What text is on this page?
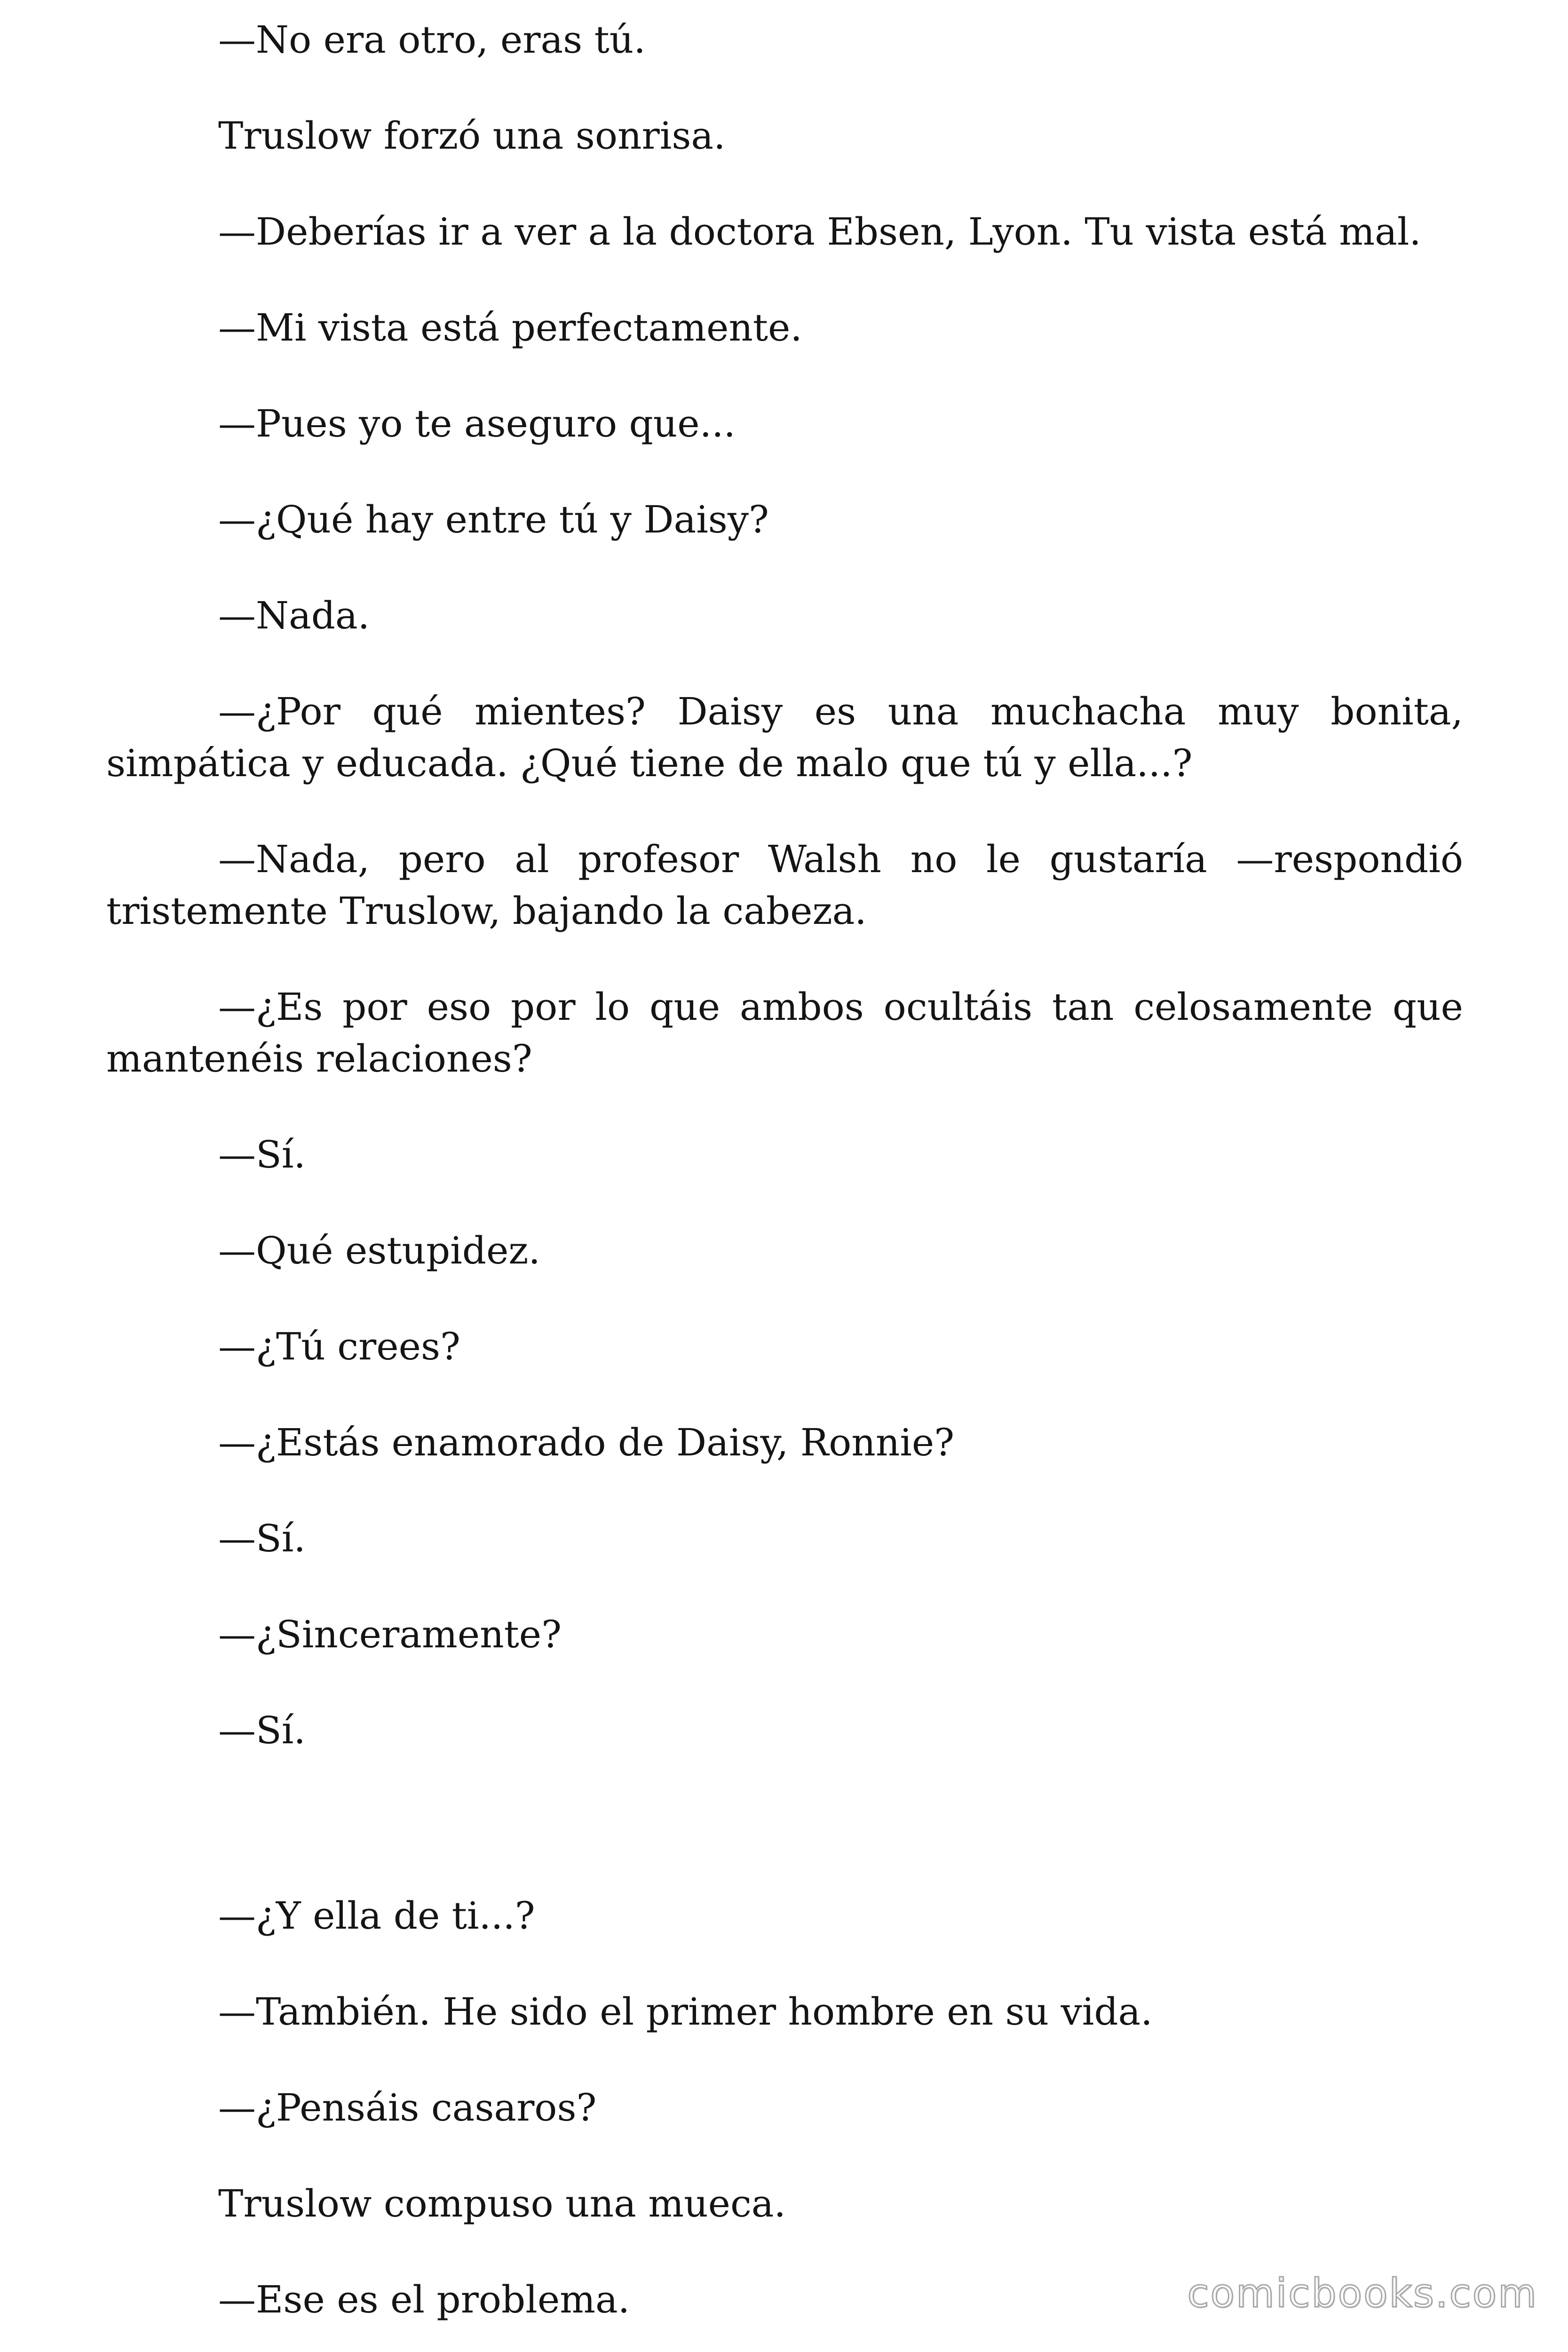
—No era otro, eras tú.

Truslow forzó una sonrisa.

—Deberías ir a ver a la doctora Ebsen, Lyon. Tu vista está mal.

—Mi vista está perfectamente.

—Pues yo te aseguro que...

—¿Qué hay entre tú y Daisy?

—Nada.

—¿Por qué mientes? Daisy es una muchacha muy bonita, simpática y educada. ¿Qué tiene de malo que tú y ella...?

—Nada, pero al profesor Walsh no le gustaría —respondió tristemente Truslow, bajando la cabeza.

—¿Es por eso por lo que ambos ocultáis tan celosamente que mantenéis relaciones?

—Sí.

—Qué estupidez.

—¿Tú crees?

—¿Estás enamorado de Daisy, Ronnie?

—Sí.

—¿Sinceramente?

—Sí.

—¿Y ella de ti...?

—También. He sido el primer hombre en su vida.

—¿Pensáis casaros?

Truslow compuso una mueca.

—Ese es el problema.	comicbooks.com
